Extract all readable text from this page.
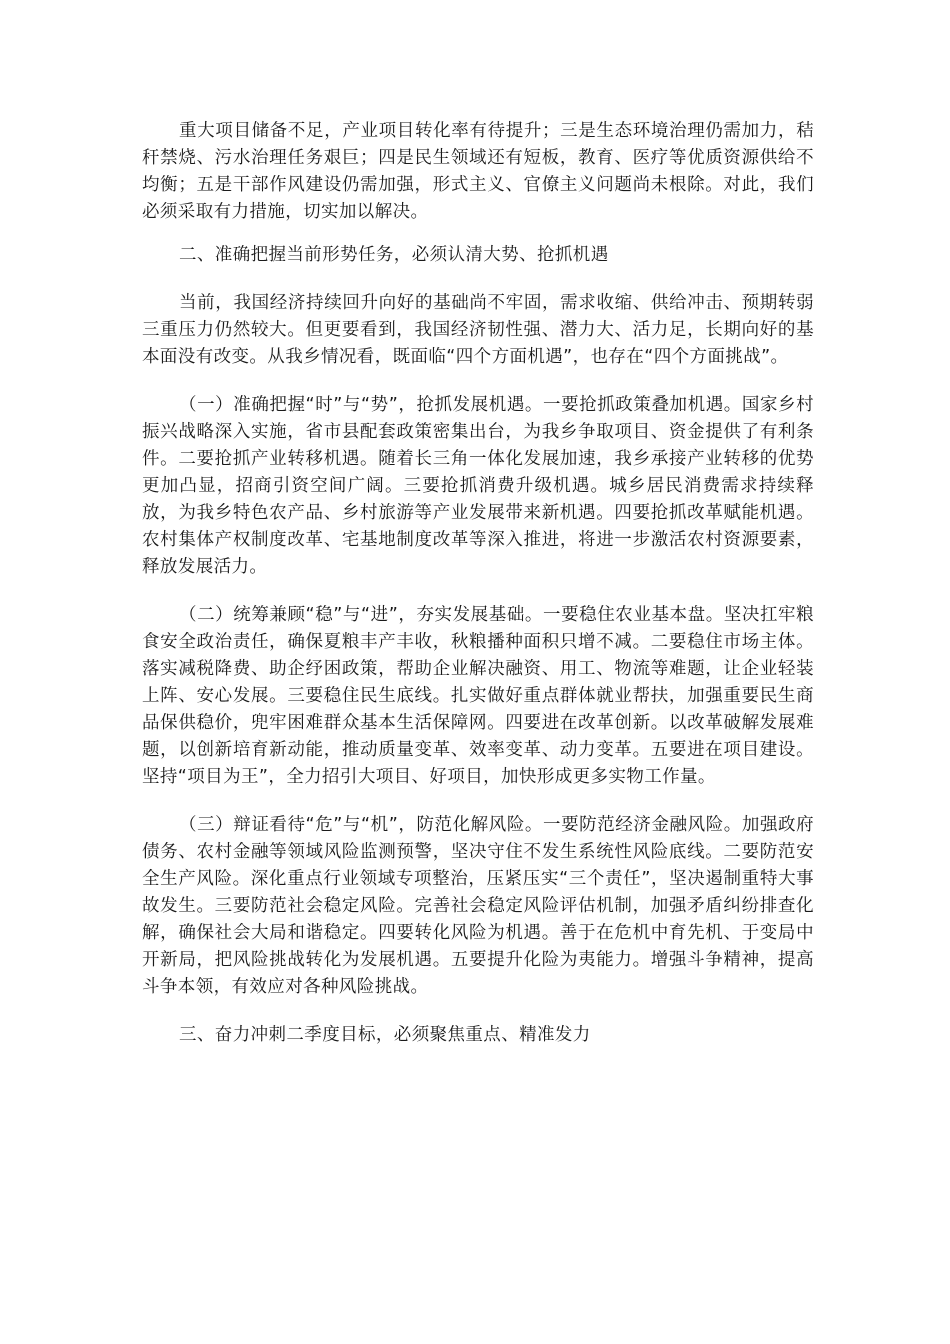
重大项目储备不足，产业项目转化率有待提升；三是生态环境治理仍需加力，秸秆禁烧、污水治理任务艰巨；四是民生领域还有短板，教育、医疗等优质资源供给不均衡；五是干部作风建设仍需加强，形式主义、官僚主义问题尚未根除。对此，我们必须采取有力措施，切实加以解决。

二、准确把握当前形势任务，必须认清大势、抢抓机遇

当前，我国经济持续回升向好的基础尚不牢固，需求收缩、供给冲击、预期转弱三重压力仍然较大。但更要看到，我国经济韧性强、潜力大、活力足，长期向好的基本面没有改变。从我乡情况看，既面临“四个方面机遇”，也存在“四个方面挑战”。

（一）准确把握“时”与“势”，抢抓发展机遇。一要抢抓政策叠加机遇。国家乡村振兴战略深入实施，省市县配套政策密集出台，为我乡争取项目、资金提供了有利条件。二要抢抓产业转移机遇。随着长三角一体化发展加速，我乡承接产业转移的优势更加凸显，招商引资空间广阔。三要抢抓消费升级机遇。城乡居民消费需求持续释放，为我乡特色农产品、乡村旅游等产业发展带来新机遇。四要抢抓改革赋能机遇。农村集体产权制度改革、宅基地制度改革等深入推进，将进一步激活农村资源要素，释放发展活力。

（二）统筹兼顾“稳”与“进”，夯实发展基础。一要稳住农业基本盘。坚决扛牢粮食安全政治责任，确保夏粮丰产丰收，秋粮播种面积只增不减。二要稳住市场主体。落实减税降费、助企纾困政策，帮助企业解决融资、用工、物流等难题，让企业轻装上阵、安心发展。三要稳住民生底线。扎实做好重点群体就业帮扶，加强重要民生商品保供稳价，兜牢困难群众基本生活保障网。四要进在改革创新。以改革破解发展难题，以创新培育新动能，推动质量变革、效率变革、动力变革。五要进在项目建设。坚持“项目为王”，全力招引大项目、好项目，加快形成更多实物工作量。

（三）辩证看待“危”与“机”，防范化解风险。一要防范经济金融风险。加强政府债务、农村金融等领域风险监测预警，坚决守住不发生系统性风险底线。二要防范安全生产风险。深化重点行业领域专项整治，压紧压实“三个责任”，坚决遏制重特大事故发生。三要防范社会稳定风险。完善社会稳定风险评估机制，加强矛盾纠纷排查化解，确保社会大局和谐稳定。四要转化风险为机遇。善于在危机中育先机、于变局中开新局，把风险挑战转化为发展机遇。五要提升化险为夷能力。增强斗争精神，提高斗争本领，有效应对各种风险挑战。

三、奋力冲刺二季度目标，必须聚焦重点、精准发力
